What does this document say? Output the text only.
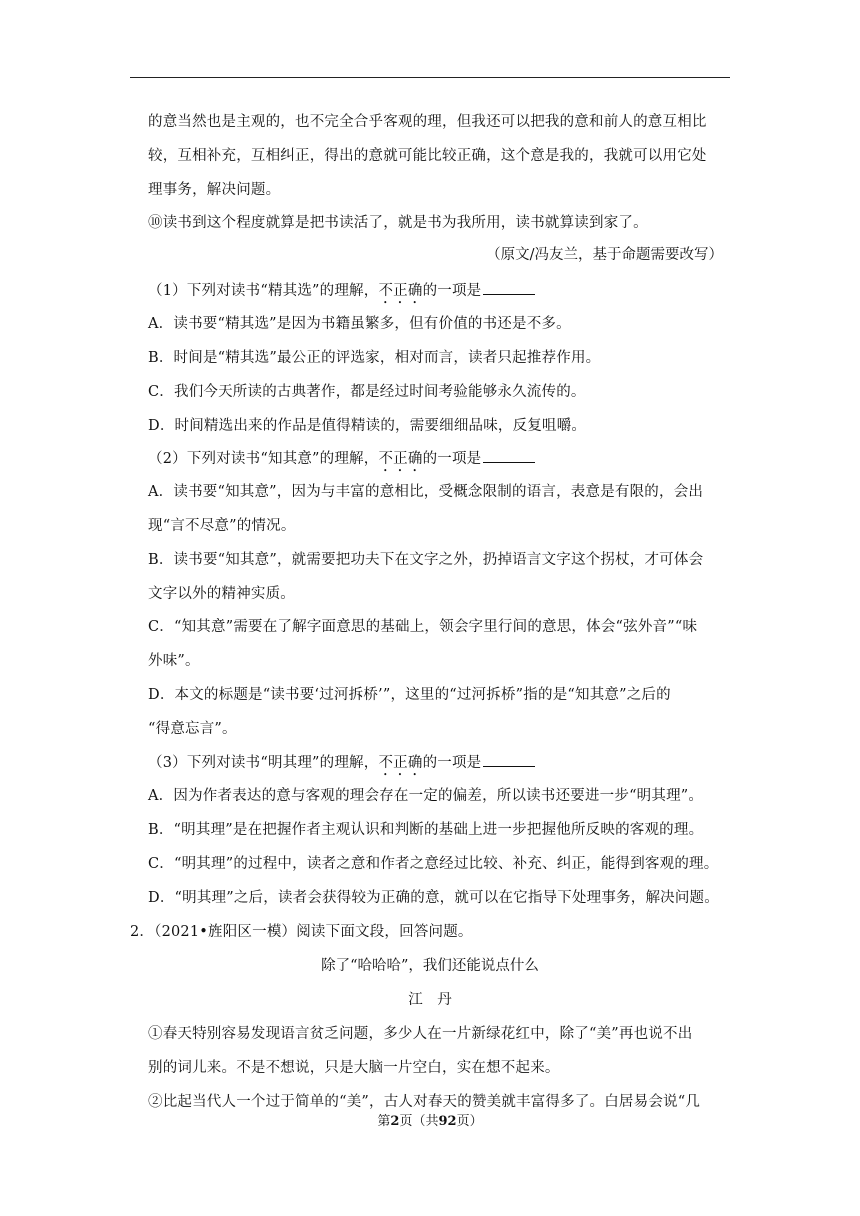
的意当然也是主观的，也不完全合乎客观的理，但我还可以把我的意和前人的意互相比
较，互相补充，互相纠正，得出的意就可能比较正确，这个意是我的，我就可以用它处
理事务，解决问题。
⑩读书到这个程度就算是把书读活了，就是书为我所用，读书就算读到家了。
（原文/冯友兰，基于命题需要改写）
（1）下列对读书“精其选”的理解，不正确的一项是
A．读书要“精其选”是因为书籍虽繁多，但有价值的书还是不多。
B．时间是“精其选”最公正的评选家，相对而言，读者只起推荐作用。
C．我们今天所读的古典著作，都是经过时间考验能够永久流传的。
D．时间精选出来的作品是值得精读的，需要细细品味，反复咀嚼。
（2）下列对读书“知其意”的理解，不正确的一项是
A．读书要“知其意”，因为与丰富的意相比，受概念限制的语言，表意是有限的，会出
现“言不尽意”的情况。
B．读书要“知其意”，就需要把功夫下在文字之外，扔掉语言文字这个拐杖，才可体会
文字以外的精神实质。
C．“知其意”需要在了解字面意思的基础上，领会字里行间的意思，体会“弦外音”“味
外味”。
D．本文的标题是“读书要‘过河拆桥’”，这里的“过河拆桥”指的是“知其意”之后的
“得意忘言”。
（3）下列对读书“明其理”的理解，不正确的一项是
A．因为作者表达的意与客观的理会存在一定的偏差，所以读书还要进一步“明其理”。
B．“明其理”是在把握作者主观认识和判断的基础上进一步把握他所反映的客观的理。
C．“明其理”的过程中，读者之意和作者之意经过比较、补充、纠正，能得到客观的理。
D．“明其理”之后，读者会获得较为正确的意，就可以在它指导下处理事务，解决问题。
2．（2021•旌阳区一模）阅读下面文段，回答问题。
除了“哈哈哈”，我们还能说点什么
江　丹
①春天特别容易发现语言贫乏问题，多少人在一片新绿花红中，除了“美”再也说不出
别的词儿来。不是不想说，只是大脑一片空白，实在想不起来。
②比起当代人一个过于简单的“美”，古人对春天的赞美就丰富得多了。白居易会说“几
第2页（共92页）
